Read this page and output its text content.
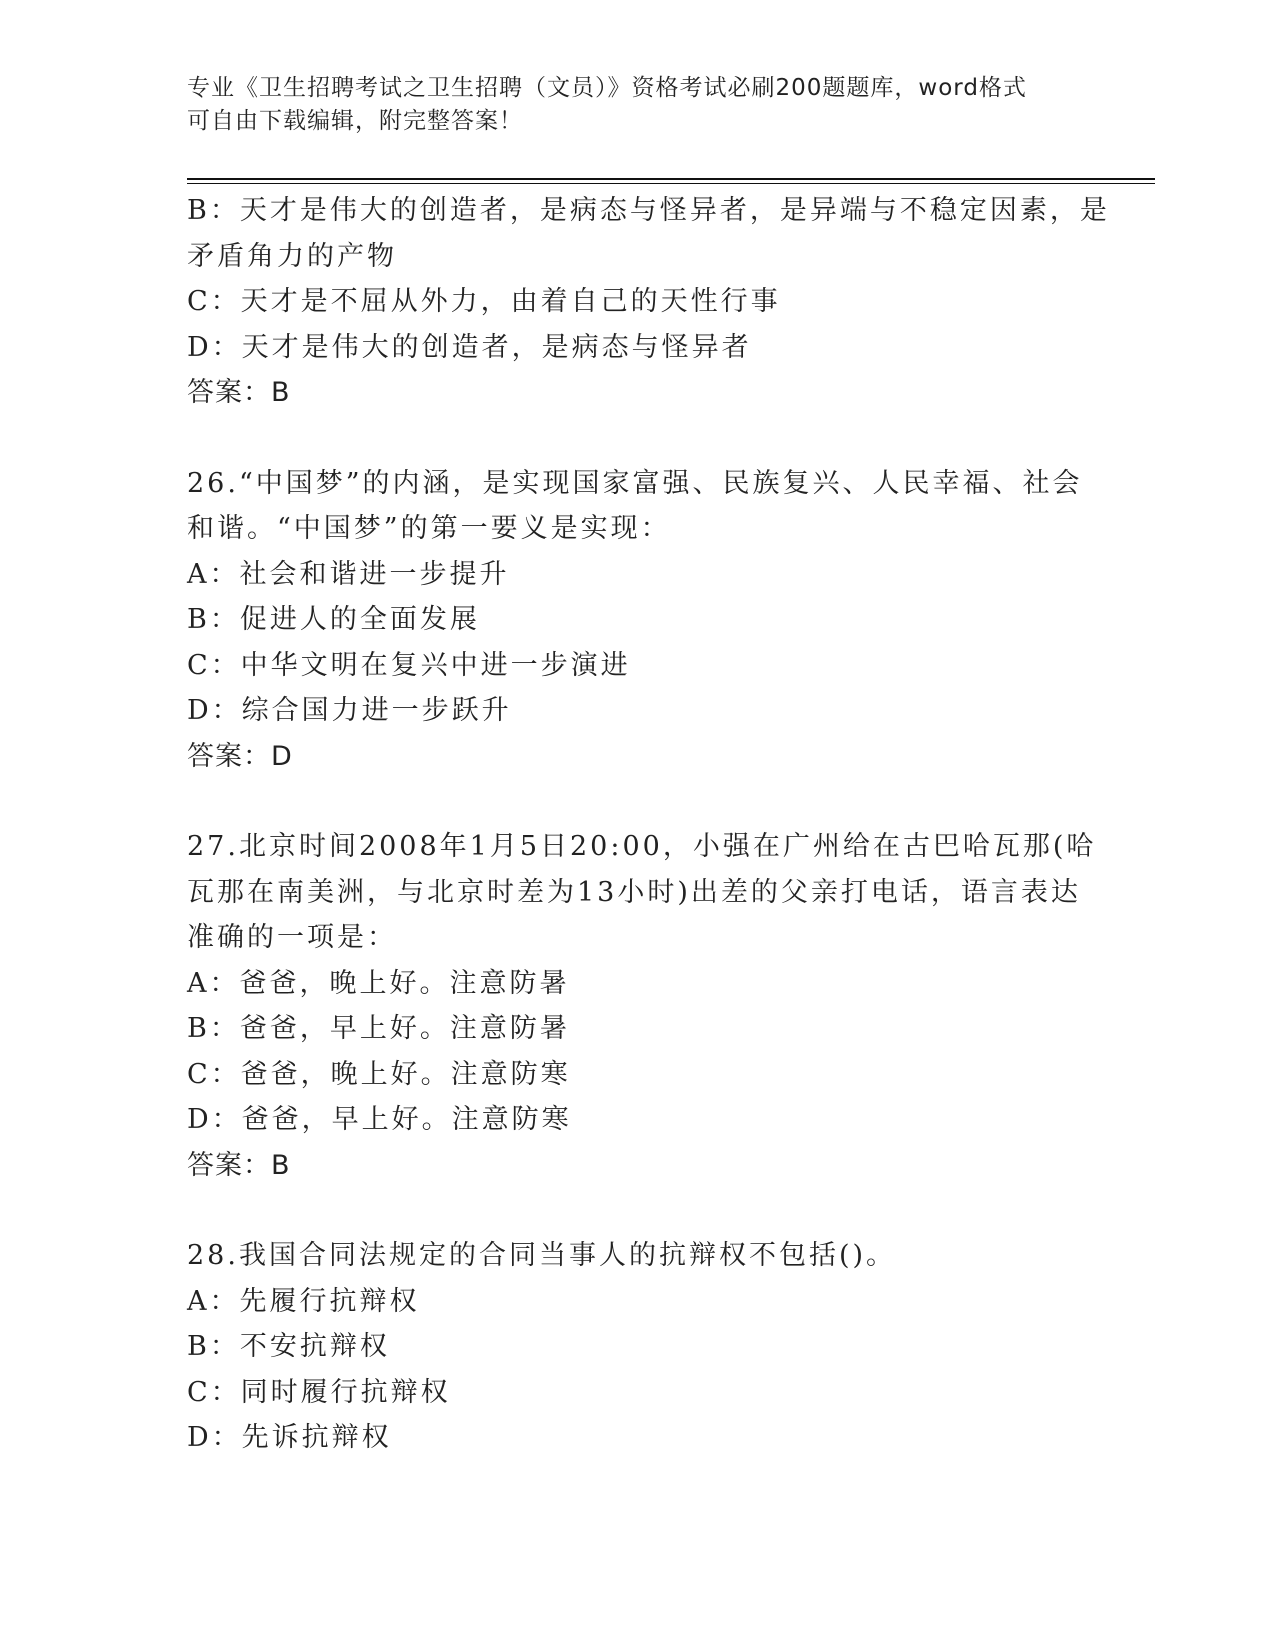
专业《卫生招聘考试之卫生招聘（文员）》资格考试必刷200题题库，word格式
可自由下载编辑，附完整答案！
B：天才是伟大的创造者，是病态与怪异者，是异端与不稳定因素，是
矛盾角力的产物
C：天才是不屈从外力，由着自己的天性行事
D：天才是伟大的创造者，是病态与怪异者
答案：B
26.“中国梦”的内涵，是实现国家富强、民族复兴、人民幸福、社会
和谐。“中国梦”的第一要义是实现：
A：社会和谐进一步提升
B：促进人的全面发展
C：中华文明在复兴中进一步演进
D：综合国力进一步跃升
答案：D
27.北京时间2008年1月5日20:00，小强在广州给在古巴哈瓦那(哈
瓦那在南美洲，与北京时差为13小时)出差的父亲打电话，语言表达
准确的一项是：
A：爸爸，晚上好。注意防暑
B：爸爸，早上好。注意防暑
C：爸爸，晚上好。注意防寒
D：爸爸，早上好。注意防寒
答案：B
28.我国合同法规定的合同当事人的抗辩权不包括()。
A：先履行抗辩权
B：不安抗辩权
C：同时履行抗辩权
D：先诉抗辩权
